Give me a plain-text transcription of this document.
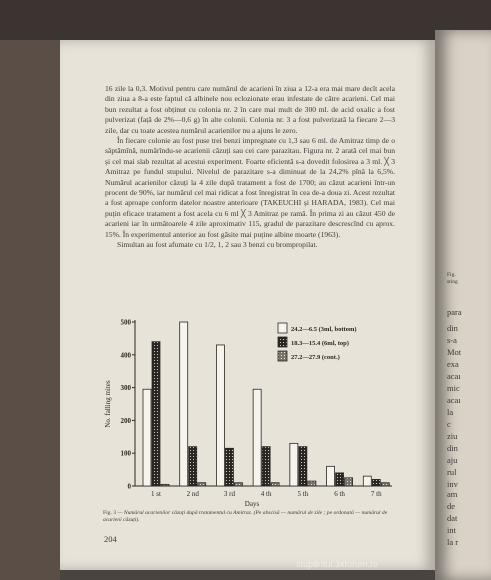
16 zile la 0,3. Motivul pentru care numărul de acarieni în ziua a 12-a era mai mare decît acela din ziua a 8-a este faptul că albinele nou eclozionate erau infestate de către acarieni. Cel mai bun rezultat a fost obținut cu colonia nr. 2 în care mai mult de 300 ml. de acid oxalic a fost pulverizat (față de 2%—0,6 g) în alte colonii. Colonia nr. 3 a fost pulverizată la fiecare 2—3 zile, dar cu toate acestea numărul acarienilor nu a ajuns le zero.

În fiecare colonie au fost puse trei benzi impregnate cu 1,3 sau 6 ml. de Amitraz timp de o săptămînă, numărîndu-se acarienii căzuți sau cei care parazitau. Figura nr. 2 arată cel mai bun și cel mai slab rezultat al acestui experiment. Foarte eficientă s-a dovedit folosirea a 3 ml. ╳ 3 Amitraz pe fundul stupului. Nivelul de parazitare s-a diminuat de la 24,2% pînă la 6,5%. Numărul acarienilor căzuți la 4 zile după tratament a fost de 1700; au căzut acarieni într-un procent de 90%, iar numărul cel mai ridicat a fost înregistrat în cea de-a doua zi. Acest rezultat a fost aproape conform datelor noastre anterioare (TAKEUCHI și HARADA, 1983). Cel mai puțin eficace tratament a fost acela cu 6 ml ╳ 3 Amitraz pe ramă. În prima zi au căzut 450 de acarieni iar în următoarele 4 zile aproximativ 115, gradul de parazitare descrescînd cu aprox. 15%. În experimentul anterior au fost găsite mai puține albine moarte (1963).

Simultan au fost afumate cu 1/2, 1, 2 sau 3 benzi cu brompropilat.

0
100
200
300
400
500
No. falling mites
1 st	2 nd	3 rd	4 th	5 th	6 th	7 th
Days
24.2—6.5 (3ml, bottom)
18.3—15.4 (6ml, top)
27.2—27.9 (cont.)
Fig. 3 — Numărul acarienilor căzuți după tratamentul cu Amitraz. (Pe abscisă — numărul de zile ; pe ordonată — numărul de acarieni căzuți).
204
Fig.
sting
para
din
s-a
Mot
exa
acaı
mic
acaı
la
c
ziu
din
aju
rul
inv
am
de
dat
int
la r
stupăritul.3xforum.ro
